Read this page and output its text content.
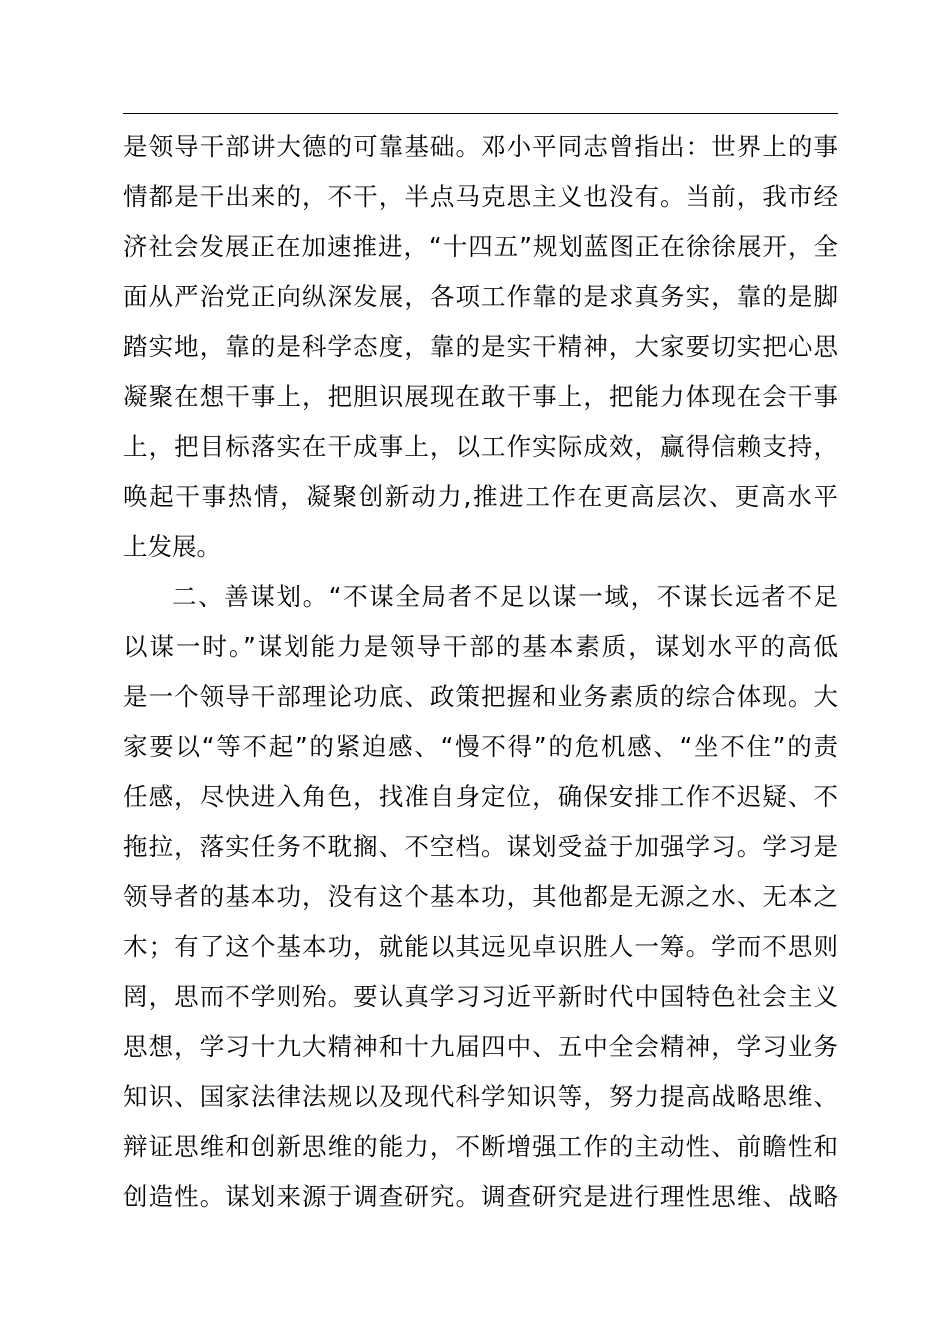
是领导干部讲大德的可靠基础。邓小平同志曾指出：世界上的事
情都是干出来的，不干，半点马克思主义也没有。当前，我市经
济社会发展正在加速推进，“十四五”规划蓝图正在徐徐展开，全
面从严治党正向纵深发展，各项工作靠的是求真务实，靠的是脚
踏实地，靠的是科学态度，靠的是实干精神，大家要切实把心思
凝聚在想干事上，把胆识展现在敢干事上，把能力体现在会干事
上，把目标落实在干成事上，以工作实际成效，赢得信赖支持，
唤起干事热情，凝聚创新动力,推进工作在更高层次、更高水平
上发展。
二、善谋划。“不谋全局者不足以谋一域，不谋长远者不足
以谋一时。”谋划能力是领导干部的基本素质，谋划水平的高低
是一个领导干部理论功底、政策把握和业务素质的综合体现。大
家要以“等不起”的紧迫感、“慢不得”的危机感、“坐不住”的责
任感，尽快进入角色，找准自身定位，确保安排工作不迟疑、不
拖拉，落实任务不耽搁、不空档。谋划受益于加强学习。学习是
领导者的基本功，没有这个基本功，其他都是无源之水、无本之
木；有了这个基本功，就能以其远见卓识胜人一筹。学而不思则
罔，思而不学则殆。要认真学习习近平新时代中国特色社会主义
思想，学习十九大精神和十九届四中、五中全会精神，学习业务
知识、国家法律法规以及现代科学知识等，努力提高战略思维、
辩证思维和创新思维的能力，不断增强工作的主动性、前瞻性和
创造性。谋划来源于调查研究。调查研究是进行理性思维、战略
